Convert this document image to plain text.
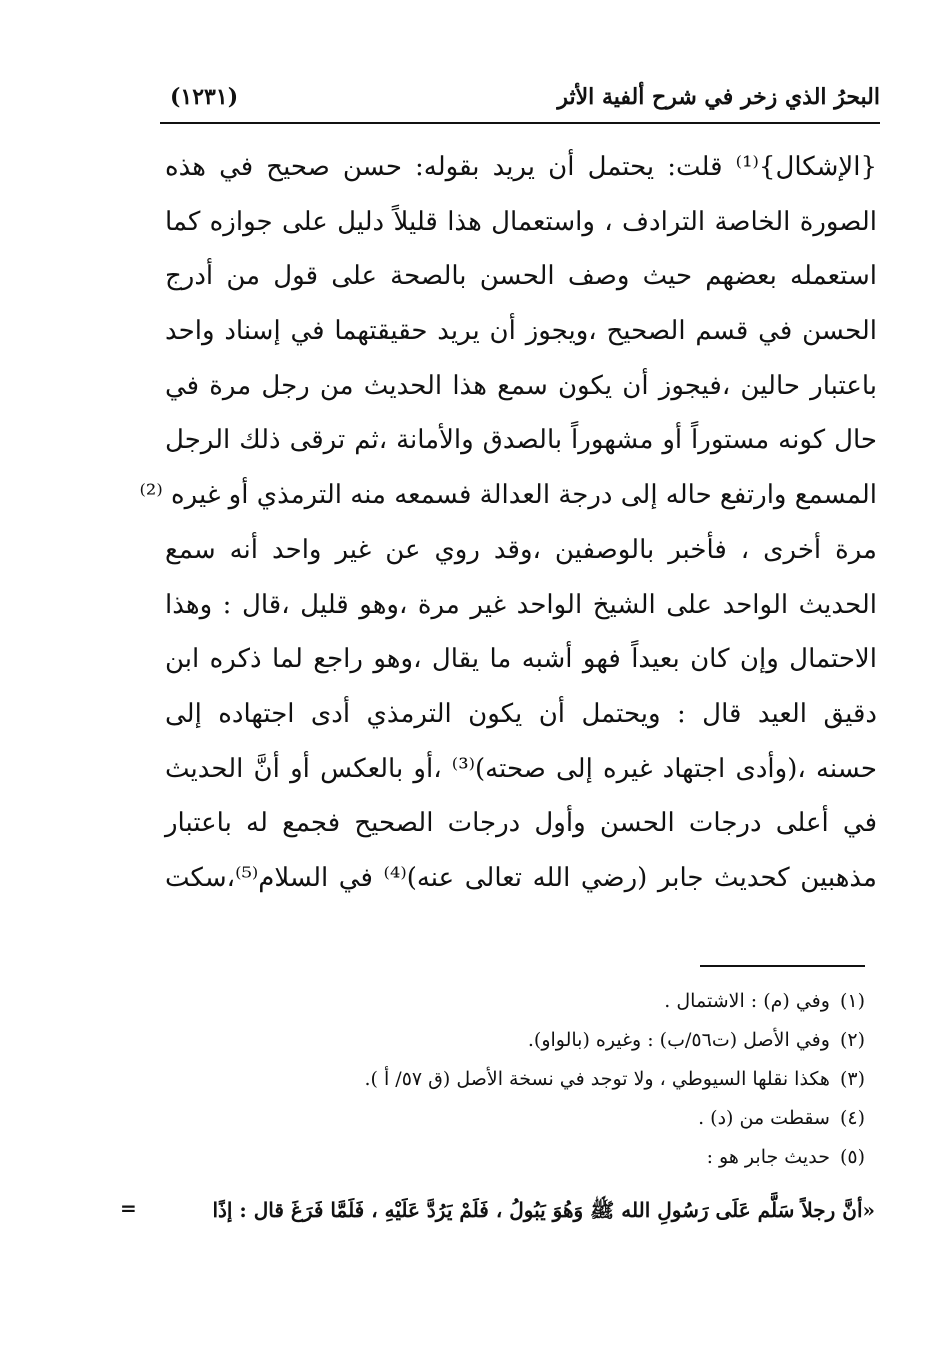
البحرُ الذي زخر في شرح ألفية الأثر
(١٢٣١)
{الإشكال}⁽¹⁾ قلت: يحتمل أن يريد بقوله: حسن صحيح في هذه
الصورة الخاصة الترادف ، واستعمال هذا قليلاً دليل على جوازه كما
استعمله بعضهم حيث وصف الحسن بالصحة على قول من أدرج
الحسن في قسم الصحيح ،ويجوز أن يريد حقيقتهما في إسناد واحد
باعتبار حالين ،فيجوز أن يكون سمع هذا الحديث من رجل مرة في
حال كونه مستوراً أو مشهوراً بالصدق والأمانة ،ثم ترقى ذلك الرجل
المسمع وارتفع حاله إلى درجة العدالة فسمعه منه الترمذي أو غيره ⁽²⁾
مرة أخرى ، فأخبر بالوصفين ،وقد روي عن غير واحد أنه سمع
الحديث الواحد على الشيخ الواحد غير مرة ،وهو قليل ،قال : وهذا
الاحتمال وإن كان بعيداً فهو أشبه ما يقال ،وهو راجع لما ذكره ابن
دقيق العيد قال : ويحتمل أن يكون الترمذي أدى اجتهاده إلى
حسنه ،(وأدى اجتهاد غيره إلى صحته)⁽³⁾ ،أو بالعكس أو أنَّ الحديث
في أعلى درجات الحسن وأول درجات الصحيح فجمع له باعتبار
مذهبين كحديث جابر (رضي الله تعالى عنه)⁽⁴⁾ في السلام⁽⁵⁾،سكت
(١)وفي (م) : الاشتمال .
(٢)وفي الأصل (ت٥٦/ب) : وغيره (بالواو).
(٣)هكذا نقلها السيوطي ، ولا توجد في نسخة الأصل (ق ٥٧/ أ ).
(٤)سقطت من (د) .
(٥)حديث جابر هو :
«أنَّ رجلاً سَلَّم عَلَى رَسُولِ الله ﷺ وَهُوَ يَبُولُ ، فَلَمْ يَرُدَّ عَلَيْهِ ، فَلَمَّا فَرَغَ قال : إذًا
=
